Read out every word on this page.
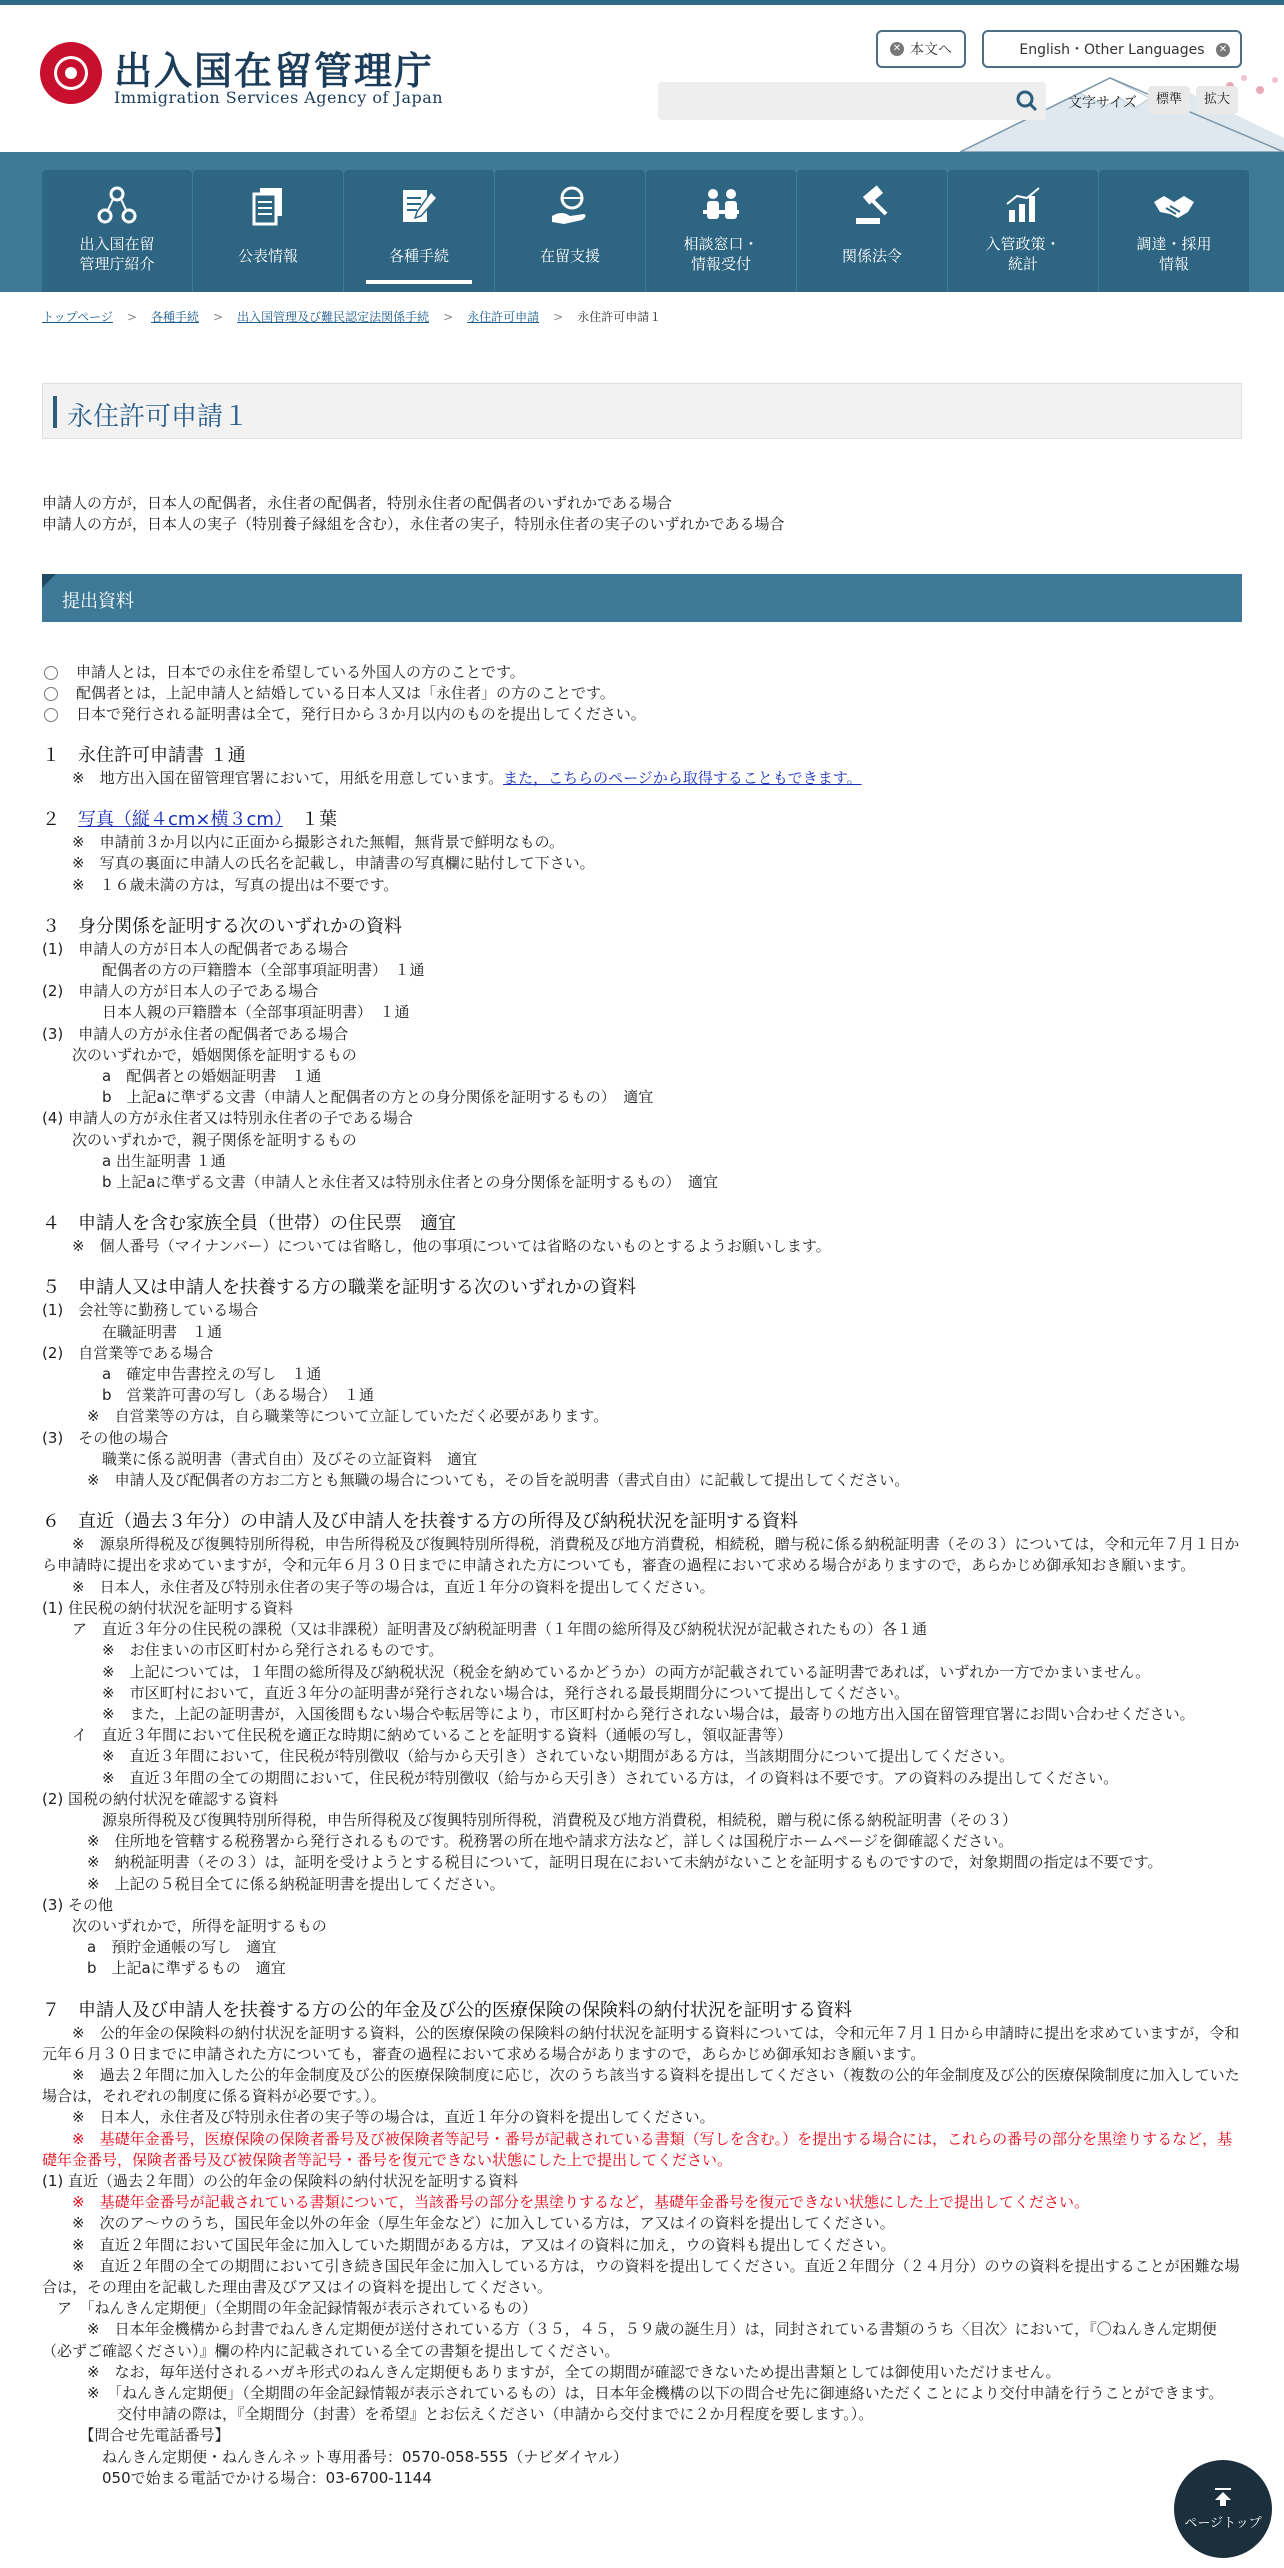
出入国在留管理庁
Immigration Services Agency of Japan
✕ 本文へ	English・Other Languages ✕
文字サイズ	標準	拡大
出入国在留
管理庁紹介	公表情報	各種手続	在留支援
相談窓口・
情報受付	関係法令
入管政策・
統計
調達・採用
情報
トップページ > 各種手続 > 出入国管理及び難民認定法関係手続 > 永住許可申請 > 永住許可申請１
永住許可申請１
申請人の方が，日本人の配偶者，永住者の配偶者，特別永住者の配偶者のいずれかである場合
申請人の方が，日本人の実子（特別養子縁組を含む），永住者の実子，特別永住者の実子のいずれかである場合
提出資料
申請人とは，日本での永住を希望している外国人の方のことです。
配偶者とは，上記申請人と結婚している日本人又は「永住者」の方のことです。
日本で発行される証明書は全て，発行日から３か月以内のものを提出してください。
１　永住許可申請書 １通
　　※　地方出入国在留管理官署において，用紙を用意しています。また，こちらのページから取得することもできます。
２　写真（縦４cm×横３cm）　１葉
　　※　申請前３か月以内に正面から撮影された無帽，無背景で鮮明なもの。
　　※　写真の裏面に申請人の氏名を記載し，申請書の写真欄に貼付して下さい。
　　※　１６歳未満の方は，写真の提出は不要です。
３　身分関係を証明する次のいずれかの資料
(1)　申請人の方が日本人の配偶者である場合
　　　　配偶者の方の戸籍謄本（全部事項証明書）　１通
(2)　申請人の方が日本人の子である場合
　　　　日本人親の戸籍謄本（全部事項証明書）　１通
(3)　申請人の方が永住者の配偶者である場合
　　次のいずれかで，婚姻関係を証明するもの
　　　　a　配偶者との婚姻証明書　１通
　　　　b　上記aに準ずる文書（申請人と配偶者の方との身分関係を証明するもの）　適宜
(4) 申請人の方が永住者又は特別永住者の子である場合
　　次のいずれかで，親子関係を証明するもの
　　　　a 出生証明書 １通
　　　　b 上記aに準ずる文書（申請人と永住者又は特別永住者との身分関係を証明するもの）　適宜
４　申請人を含む家族全員（世帯）の住民票　適宜
　　※　個人番号（マイナンバー）については省略し，他の事項については省略のないものとするようお願いします。
５　申請人又は申請人を扶養する方の職業を証明する次のいずれかの資料
(1)　会社等に勤務している場合
　　　　在職証明書　１通
(2)　自営業等である場合
　　　　a　確定申告書控えの写し　１通
　　　　b　営業許可書の写し（ある場合）　１通
　　　※　自営業等の方は，自ら職業等について立証していただく必要があります。
(3)　その他の場合
　　　　職業に係る説明書（書式自由）及びその立証資料　適宜
　　　※　申請人及び配偶者の方お二方とも無職の場合についても，その旨を説明書（書式自由）に記載して提出してください。
６　直近（過去３年分）の申請人及び申請人を扶養する方の所得及び納税状況を証明する資料
　　※　源泉所得税及び復興特別所得税，申告所得税及び復興特別所得税，消費税及び地方消費税，相続税，贈与税に係る納税証明書（その３）については，令和元年７月１日から申請時に提出を求めていますが，令和元年６月３０日までに申請された方についても，審査の過程において求める場合がありますので，あらかじめ御承知おき願います。
　　※　日本人，永住者及び特別永住者の実子等の場合は，直近１年分の資料を提出してください。
(1) 住民税の納付状況を証明する資料
　　ア　直近３年分の住民税の課税（又は非課税）証明書及び納税証明書（１年間の総所得及び納税状況が記載されたもの）各１通
　　　　※　お住まいの市区町村から発行されるものです。
　　　　※　上記については，１年間の総所得及び納税状況（税金を納めているかどうか）の両方が記載されている証明書であれば，いずれか一方でかまいません。
　　　　※　市区町村において，直近３年分の証明書が発行されない場合は，発行される最長期間分について提出してください。
　　　　※　また，上記の証明書が，入国後間もない場合や転居等により，市区町村から発行されない場合は，最寄りの地方出入国在留管理官署にお問い合わせください。
　　イ　直近３年間において住民税を適正な時期に納めていることを証明する資料（通帳の写し，領収証書等）
　　　　※　直近３年間において，住民税が特別徴収（給与から天引き）されていない期間がある方は，当該期間分について提出してください。
　　　　※　直近３年間の全ての期間において，住民税が特別徴収（給与から天引き）されている方は，イの資料は不要です。アの資料のみ提出してください。
(2) 国税の納付状況を確認する資料
　　　　源泉所得税及び復興特別所得税，申告所得税及び復興特別所得税，消費税及び地方消費税，相続税，贈与税に係る納税証明書（その３）
　　　※　住所地を管轄する税務署から発行されるものです。税務署の所在地や請求方法など，詳しくは国税庁ホームページを御確認ください。
　　　※　納税証明書（その３）は，証明を受けようとする税目について，証明日現在において未納がないことを証明するものですので，対象期間の指定は不要です。
　　　※　上記の５税目全てに係る納税証明書を提出してください。
(3) その他
　　次のいずれかで，所得を証明するもの
　　　a　預貯金通帳の写し　適宜
　　　b　上記aに準ずるもの　適宜
７　申請人及び申請人を扶養する方の公的年金及び公的医療保険の保険料の納付状況を証明する資料
　　※　公的年金の保険料の納付状況を証明する資料，公的医療保険の保険料の納付状況を証明する資料については，令和元年７月１日から申請時に提出を求めていますが，令和元年６月３０日までに申請された方についても，審査の過程において求める場合がありますので，あらかじめ御承知おき願います。
　　※　過去２年間に加入した公的年金制度及び公的医療保険制度に応じ，次のうち該当する資料を提出してください（複数の公的年金制度及び公的医療保険制度に加入していた場合は，それぞれの制度に係る資料が必要です。）。
　　※　日本人，永住者及び特別永住者の実子等の場合は，直近１年分の資料を提出してください。
　　※　基礎年金番号，医療保険の保険者番号及び被保険者等記号・番号が記載されている書類（写しを含む。）を提出する場合には，これらの番号の部分を黒塗りするなど，基礎年金番号，保険者番号及び被保険者等記号・番号を復元できない状態にした上で提出してください。
(1) 直近（過去２年間）の公的年金の保険料の納付状況を証明する資料
　　※　基礎年金番号が記載されている書類について，当該番号の部分を黒塗りするなど，基礎年金番号を復元できない状態にした上で提出してください。
　　※　次のア～ウのうち，国民年金以外の年金（厚生年金など）に加入している方は，ア又はイの資料を提出してください。
　　※　直近２年間において国民年金に加入していた期間がある方は，ア又はイの資料に加え，ウの資料も提出してください。
　　※　直近２年間の全ての期間において引き続き国民年金に加入している方は，ウの資料を提出してください。直近２年間分（２４月分）のウの資料を提出することが困難な場合は，その理由を記載した理由書及びア又はイの資料を提出してください。
　ア　「ねんきん定期便」（全期間の年金記録情報が表示されているもの）
　　　※　日本年金機構から封書でねんきん定期便が送付されている方（３５，４５，５９歳の誕生月）は，同封されている書類のうち〈目次〉において，『〇ねんきん定期便（必ずご確認ください）』欄の枠内に記載されている全ての書類を提出してください。
　　　※　なお，毎年送付されるハガキ形式のねんきん定期便もありますが，全ての期間が確認できないため提出書類としては御使用いただけません。
　　　※　「ねんきん定期便」（全期間の年金記録情報が表示されているもの）は，日本年金機構の以下の問合せ先に御連絡いただくことにより交付申請を行うことができます。
　　　　　交付申請の際は，『全期間分（封書）を希望』とお伝えください（申請から交付までに２か月程度を要します。）。
　　　【問合せ先電話番号】
　　　　ねんきん定期便・ねんきんネット専用番号：0570-058-555（ナビダイヤル）
　　　　050で始まる電話でかける場合：03-6700-1144
ページトップ
